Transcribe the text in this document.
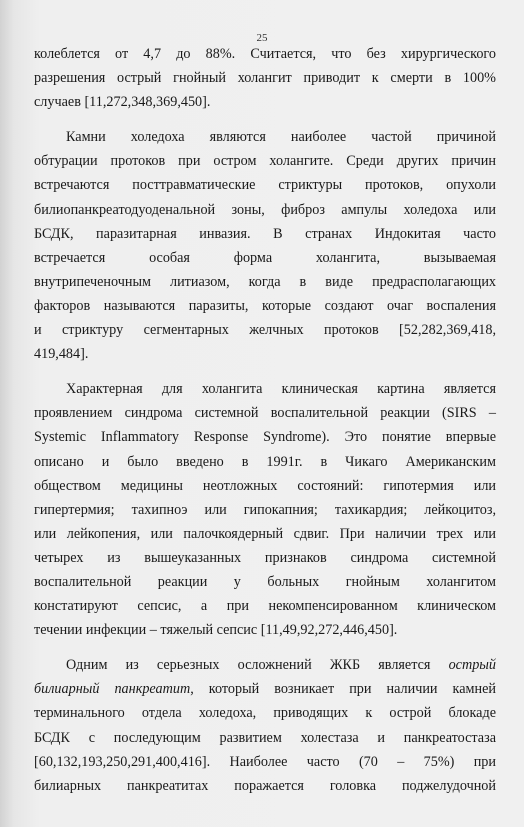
25
колеблется от 4,7 до 88%. Считается, что без хирургического
разрешения острый гнойный холангит приводит к смерти в 100%
случаев [11,272,348,369,450].
Камни холедоха являются наиболее частой причиной
обтурации протоков при остром холангите. Среди других причин
встречаются посттравматические стриктуры протоков, опухоли
билиопанкреатодуоденальной зоны, фиброз ампулы холедоха или
БСДК, паразитарная инвазия. В странах Индокитая часто
встречается особая форма холангита, вызываемая
внутрипеченочным литиазом, когда в виде предрасполагающих
факторов называются паразиты, которые создают очаг воспаления
и стриктуру сегментарных желчных протоков [52,282,369,418,
419,484].
Характерная для холангита клиническая картина является
проявлением синдрома системной воспалительной реакции (SIRS –
Systemic Inflammatory Response Syndrome). Это понятие впервые
описано и было введено в 1991г. в Чикаго Американским
обществом медицины неотложных состояний: гипотермия или
гипертермия; тахипноэ или гипокапния; тахикардия; лейкоцитоз,
или лейкопения, или палочкоядерный сдвиг. При наличии трех или
четырех из вышеуказанных признаков синдрома системной
воспалительной реакции у больных гнойным холангитом
констатируют сепсис, а при некомпенсированном клиническом
течении инфекции – тяжелый сепсис [11,49,92,272,446,450].
Одним из серьезных осложнений ЖКБ является острый
билиарный панкреатит, который возникает при наличии камней
терминального отдела холедоха, приводящих к острой блокаде
БСДК с последующим развитием холестаза и панкреатостаза
[60,132,193,250,291,400,416]. Наиболее часто (70 – 75%) при
билиарных панкреатитах поражается головка поджелудочной
